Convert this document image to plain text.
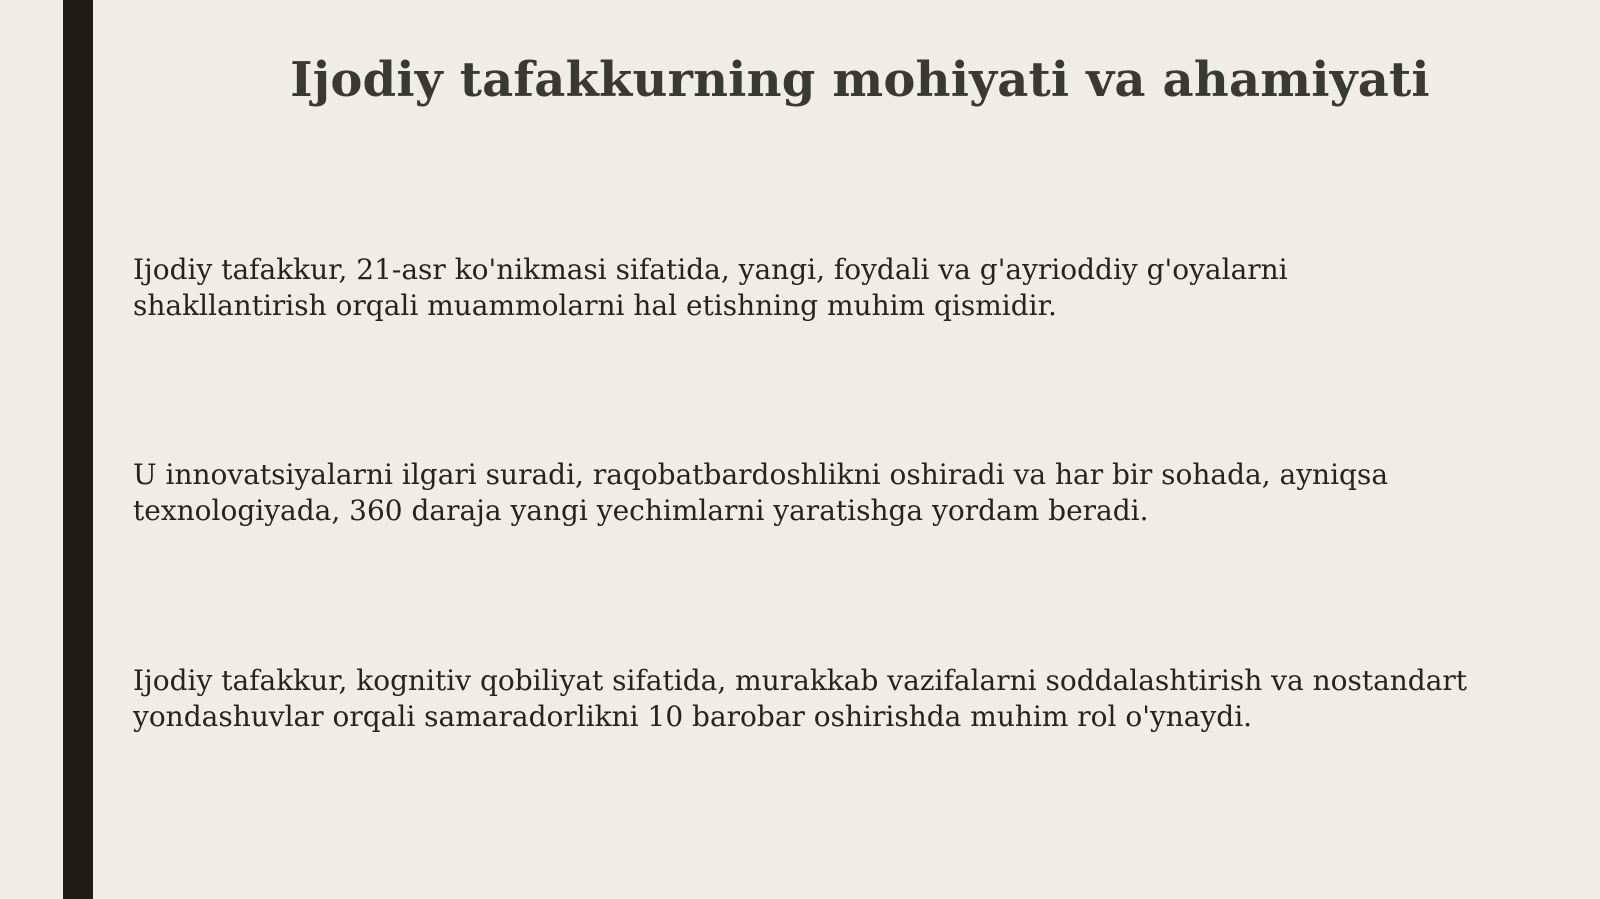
Ijodiy tafakkurning mohiyati va ahamiyati

Ijodiy tafakkur, 21-asr ko'nikmasi sifatida, yangi, foydali va g'ayrioddiy g'oyalarni
shakllantirish orqali muammolarni hal etishning muhim qismidir.

U innovatsiyalarni ilgari suradi, raqobatbardoshlikni oshiradi va har bir sohada, ayniqsa
texnologiyada, 360 daraja yangi yechimlarni yaratishga yordam beradi.

Ijodiy tafakkur, kognitiv qobiliyat sifatida, murakkab vazifalarni soddalashtirish va nostandart
yondashuvlar orqali samaradorlikni 10 barobar oshirishda muhim rol o'ynaydi.
